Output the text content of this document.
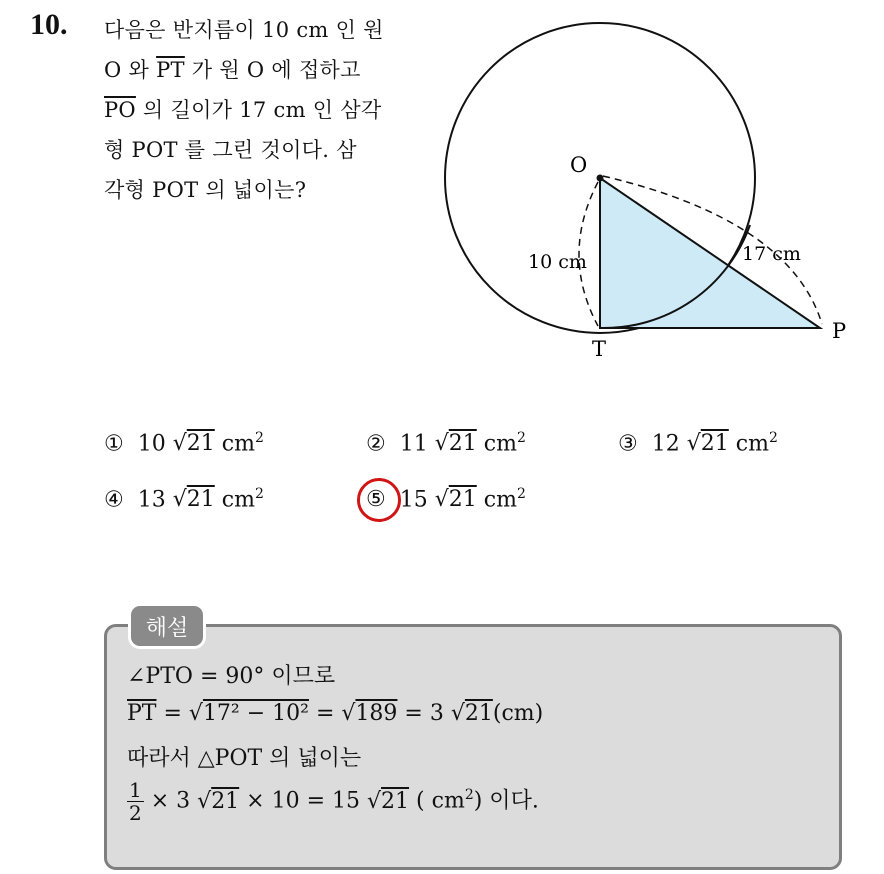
10. 다음은 반지름이 10 cm 인 원
O 와 $\overline{PT}$ 가 원 O 에 접하고
$\overline{PO}$ 의 길이가 17 cm 인 삼각
형 POT 를 그린 것이다. 삼
각형 POT 의 넓이는?
O
T
P
10 cm	17 cm
① 10 √21 $cm^2$	② 11 √21 $cm^2$	③ 12 √21 $cm^2$
④ 13 √21 $cm^2$	⑤ 15 √21 $cm^2$
해설
∠PTO = 90° 이므로
$\overline{PT} = √17^2 - 10^2 = √189 = 3$ √21(cm)
따라서 △POT 의 넓이는
$\frac{1}{2} \times 3$ √21 × 10 = 15 √21 ( $cm^2$) 이다.
